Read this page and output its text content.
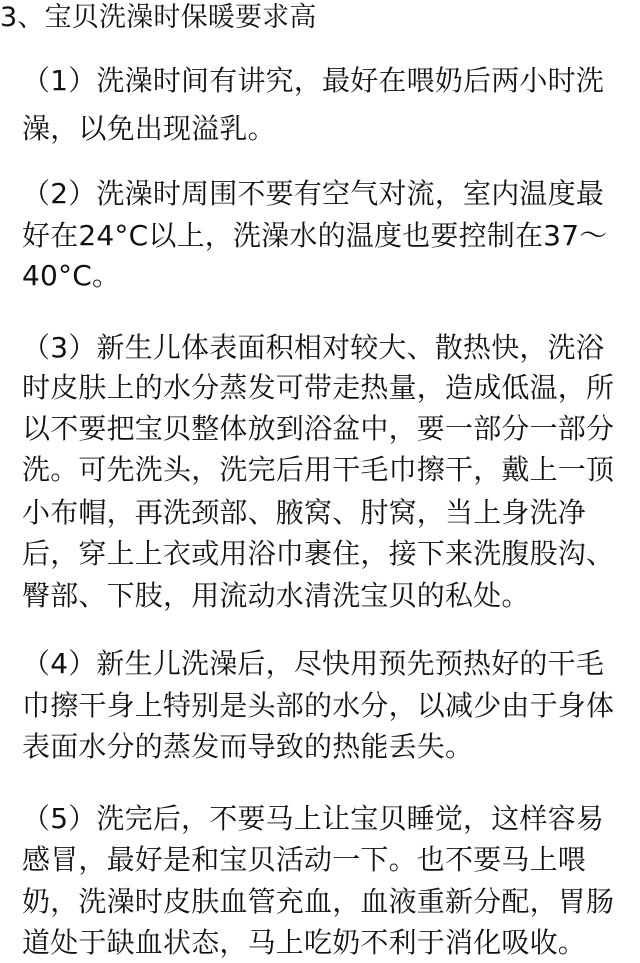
3、宝贝洗澡时保暖要求高
（1）洗澡时间有讲究，最好在喂奶后两小时洗
澡，以免出现溢乳。
（2）洗澡时周围不要有空气对流，室内温度最
好在24°C以上，洗澡水的温度也要控制在37～
40°C。
（3）新生儿体表面积相对较大、散热快，洗浴
时皮肤上的水分蒸发可带走热量，造成低温，所
以不要把宝贝整体放到浴盆中，要一部分一部分
洗。可先洗头，洗完后用干毛巾擦干，戴上一顶
小布帽，再洗颈部、腋窝、肘窝，当上身洗净
后，穿上上衣或用浴巾裹住，接下来洗腹股沟、
臀部、下肢，用流动水清洗宝贝的私处。
（4）新生儿洗澡后，尽快用预先预热好的干毛
巾擦干身上特别是头部的水分，以减少由于身体
表面水分的蒸发而导致的热能丢失。
（5）洗完后，不要马上让宝贝睡觉，这样容易
感冒，最好是和宝贝活动一下。也不要马上喂
奶，洗澡时皮肤血管充血，血液重新分配，胃肠
道处于缺血状态，马上吃奶不利于消化吸收。
